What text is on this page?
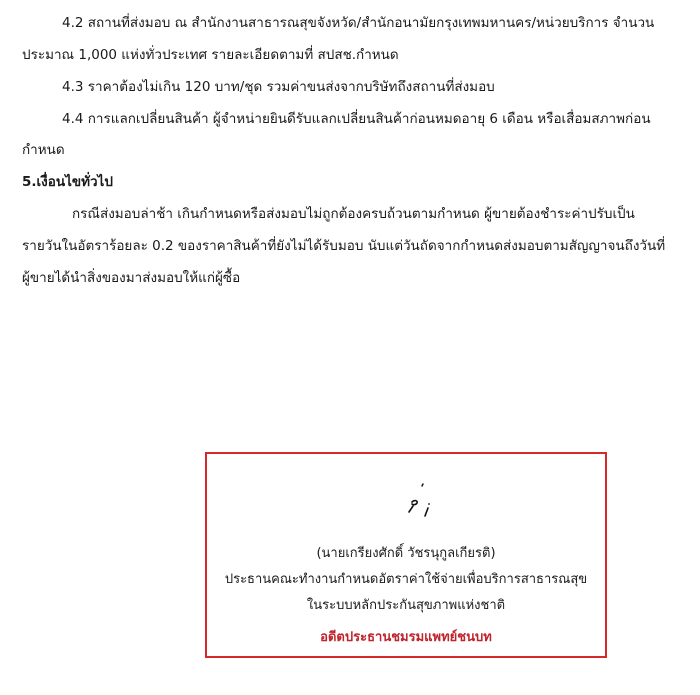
4.2 สถานที่ส่งมอบ ณ สำนักงานสาธารณสุขจังหวัด/สำนักอนามัยกรุงเทพมหานคร/หน่วยบริการ จำนวน
ประมาณ 1,000 แห่งทั่วประเทศ รายละเอียดตามที่ สปสช.กำหนด
4.3 ราคาต้องไม่เกิน 120 บาท/ชุด รวมค่าขนส่งจากบริษัทถึงสถานที่ส่งมอบ
4.4 การแลกเปลี่ยนสินค้า ผู้จำหน่ายยินดีรับแลกเปลี่ยนสินค้าก่อนหมดอายุ 6 เดือน หรือเสื่อมสภาพก่อน
กำหนด
5.เงื่อนไขทั่วไป
กรณีส่งมอบล่าช้า เกินกำหนดหรือส่งมอบไม่ถูกต้องครบถ้วนตามกำหนด ผู้ขายต้องชำระค่าปรับเป็น
รายวันในอัตราร้อยละ 0.2 ของราคาสินค้าที่ยังไม่ได้รับมอบ นับแต่วันถัดจากกำหนดส่งมอบตามสัญญาจนถึงวันที่
ผู้ขายได้นำสิ่งของมาส่งมอบให้แก่ผู้ซื้อ
(นายเกรียงศักดิ์ วัชรนุกูลเกียรติ)
ประธานคณะทำงานกำหนดอัตราค่าใช้จ่ายเพื่อบริการสาธารณสุข
ในระบบหลักประกันสุขภาพแห่งชาติ
อดีตประธานชมรมแพทย์ชนบท
